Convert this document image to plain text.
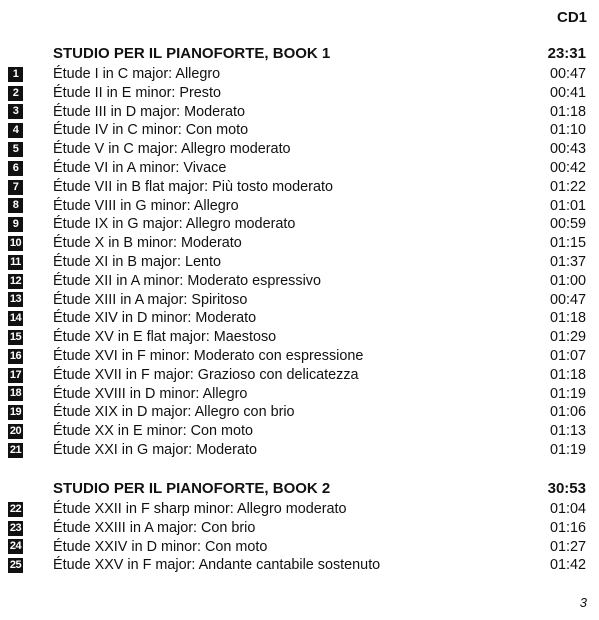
CD1
STUDIO PER IL PIANOFORTE, BOOK 1	23:31
1	Étude I in C major: Allegro	00:47
2	Étude II in E minor: Presto	00:41
3	Étude III in D major: Moderato	01:18
4	Étude IV in C minor: Con moto	01:10
5	Étude V in C major: Allegro moderato	00:43
6	Étude VI in A minor: Vivace	00:42
7	Étude VII in B flat major: Più tosto moderato	01:22
8	Étude VIII in G minor: Allegro	01:01
9	Étude IX in G major: Allegro moderato	00:59
10 Étude X in B minor: Moderato	01:15
11 Étude XI in B major: Lento	01:37
12 Étude XII in A minor: Moderato espressivo	01:00
13 Étude XIII in A major: Spiritoso	00:47
14 Étude XIV in D minor: Moderato	01:18
15 Étude XV in E flat major: Maestoso	01:29
16 Étude XVI in F minor: Moderato con espressione	01:07
17 Étude XVII in F major: Grazioso con delicatezza	01:18
18 Étude XVIII in D minor: Allegro	01:19
19 Étude XIX in D major: Allegro con brio	01:06
20 Étude XX in E minor: Con moto	01:13
21 Étude XXI in G major: Moderato	01:19
STUDIO PER IL PIANOFORTE, BOOK 2	30:53
22 Étude XXII in F sharp minor: Allegro moderato	01:04
23 Étude XXIII in A major: Con brio	01:16
24 Étude XXIV in D minor: Con moto	01:27
25 Étude XXV in F major: Andante cantabile sostenuto	01:42
3
